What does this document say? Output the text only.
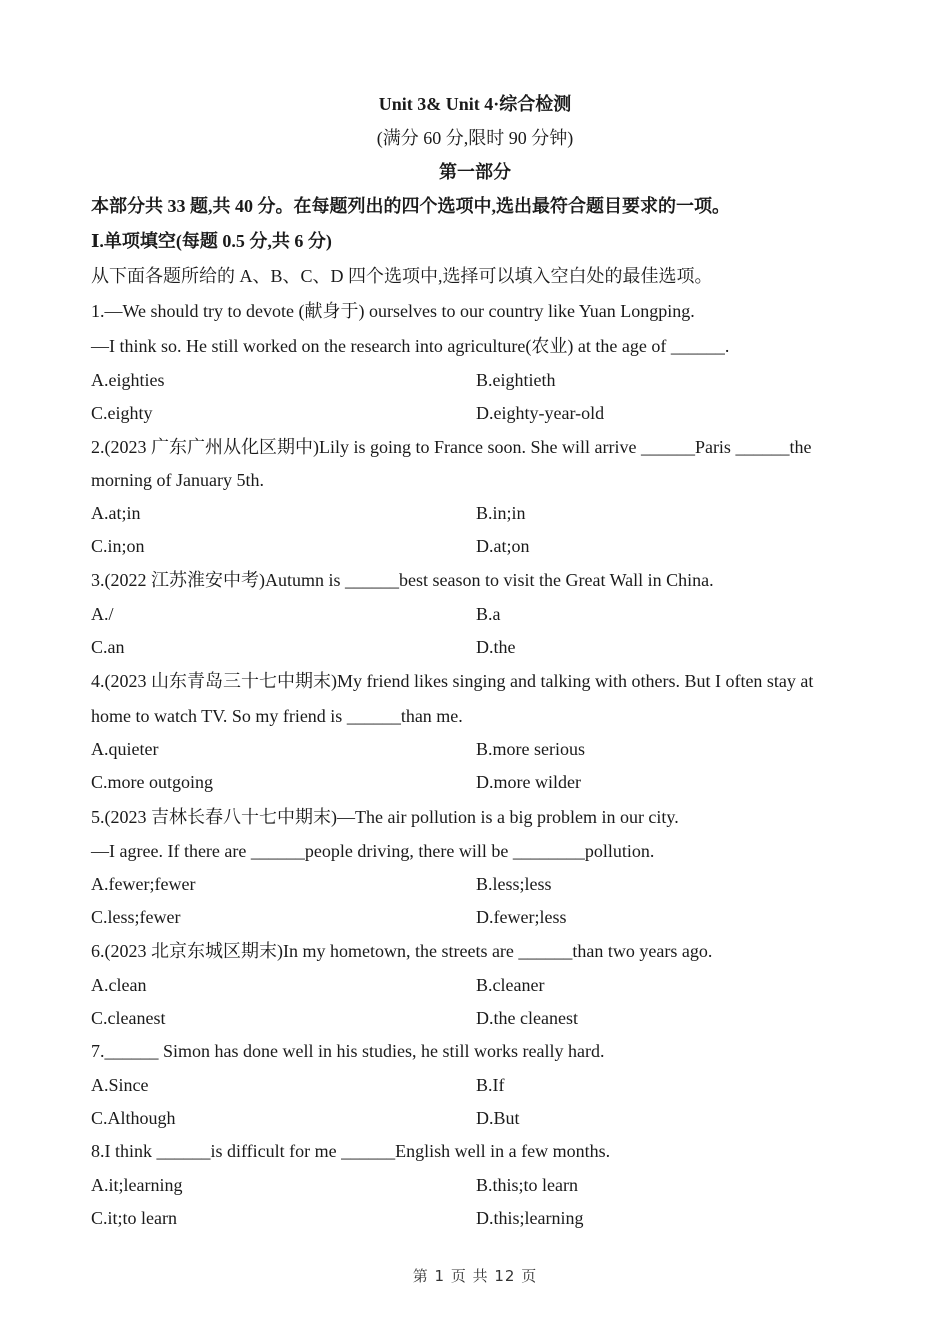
Unit 3& Unit 4·综合检测
(满分 60 分,限时 90 分钟)
第一部分
本部分共 33 题,共 40 分。在每题列出的四个选项中,选出最符合题目要求的一项。
Ⅰ.单项填空(每题 0.5 分,共 6 分)
从下面各题所给的 A、B、C、D 四个选项中,选择可以填入空白处的最佳选项。
1.—We should try to devote (献身于) ourselves to our country like Yuan Longping.
—I think so. He still worked on the research into agriculture(农业) at the age of ______.
A.eighties	B.eightieth
C.eighty	D.eighty-year-old
2.(2023 广东广州从化区期中)Lily is going to France soon. She will arrive ______Paris ______the
morning of January 5th.
A.at;in	B.in;in
C.in;on	D.at;on
3.(2022 江苏淮安中考)Autumn is ______best season to visit the Great Wall in China.
A./	B.a
C.an	D.the
4.(2023 山东青岛三十七中期末)My friend likes singing and talking with others. But I often stay at
home to watch TV. So my friend is ______than me.
A.quieter	B.more serious
C.more outgoing	D.more wilder
5.(2023 吉林长春八十七中期末)—The air pollution is a big problem in our city.
—I agree. If there are ______people driving, there will be ________pollution.
A.fewer;fewer	B.less;less
C.less;fewer	D.fewer;less
6.(2023 北京东城区期末)In my hometown, the streets are ______than two years ago.
A.clean	B.cleaner
C.cleanest	D.the cleanest
7.______ Simon has done well in his studies, he still works really hard.
A.Since	B.If
C.Although	D.But
8.I think ______is difficult for me ______English well in a few months.
A.it;learning	B.this;to learn
C.it;to learn	D.this;learning
第 1 页 共 12 页
